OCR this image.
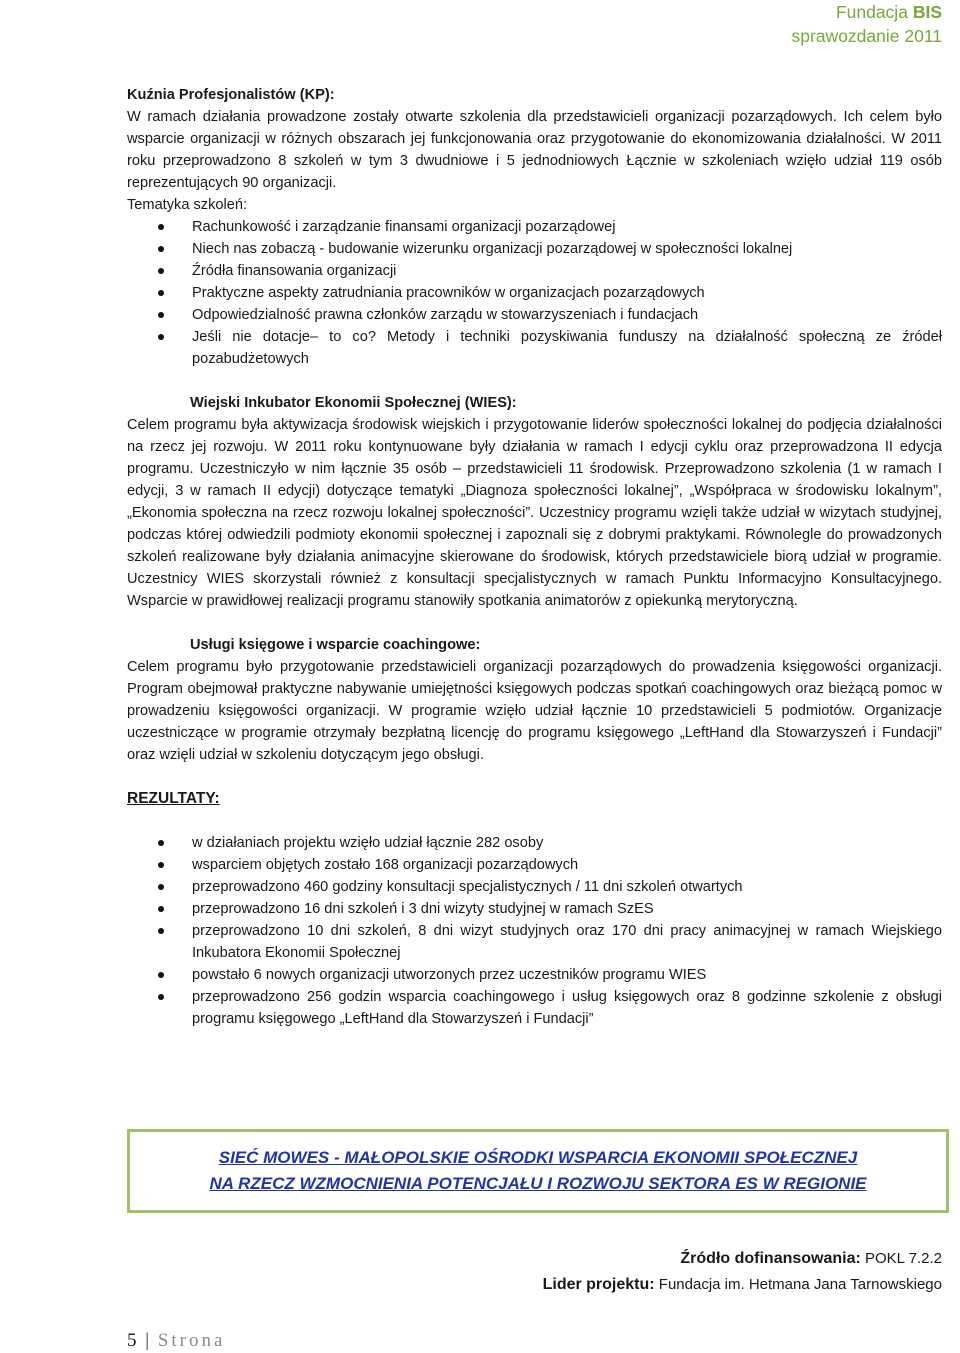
Fundacja BIS
sprawozdanie 2011
Kuźnia Profesjonalistów (KP):

W ramach działania prowadzone zostały otwarte szkolenia dla przedstawicieli organizacji pozarządowych. Ich celem było wsparcie organizacji w różnych obszarach jej funkcjonowania oraz przygotowanie do ekonomizowania działalności. W 2011 roku przeprowadzono 8 szkoleń w tym 3 dwudniowe i 5 jednodniowych Łącznie w szkoleniach wzięło udział 119 osób reprezentujących 90 organizacji.

Tematyka szkoleń:
Rachunkowość i zarządzanie finansami organizacji pozarządowej
Niech nas zobaczą - budowanie wizerunku organizacji pozarządowej w społeczności lokalnej
Źródła finansowania organizacji
Praktyczne aspekty zatrudniania pracowników w organizacjach pozarządowych
Odpowiedzialność prawna członków zarządu w stowarzyszeniach i fundacjach
Jeśli nie dotacje– to co? Metody i techniki pozyskiwania funduszy na działalność społeczną ze źródeł pozabudżetowych
Wiejski Inkubator Ekonomii Społecznej (WIES):

Celem programu była aktywizacja środowisk wiejskich i przygotowanie liderów społeczności lokalnej do podjęcia działalności na rzecz jej rozwoju. W 2011 roku kontynuowane były działania w ramach I edycji cyklu oraz przeprowadzona II edycja programu. Uczestniczyło w nim łącznie 35 osób – przedstawicieli 11 środowisk. Przeprowadzono szkolenia (1 w ramach I edycji, 3 w ramach II edycji) dotyczące tematyki „Diagnoza społeczności lokalnej”, „Współpraca w środowisku lokalnym”, „Ekonomia społeczna na rzecz rozwoju lokalnej społeczności”. Uczestnicy programu wzięli także udział w wizytach studyjnej, podczas której odwiedzili podmioty ekonomii społecznej i zapoznali się z dobrymi praktykami. Równolegle do prowadzonych szkoleń realizowane były działania animacyjne skierowane do środowisk, których przedstawiciele biorą udział w programie. Uczestnicy WIES skorzystali również z konsultacji specjalistycznych w ramach Punktu Informacyjno Konsultacyjnego. Wsparcie w prawidłowej realizacji programu stanowiły spotkania animatorów z opiekunką merytoryczną.

Usługi księgowe i wsparcie coachingowe:

Celem programu było przygotowanie przedstawicieli organizacji pozarządowych do prowadzenia księgowości organizacji. Program obejmował praktyczne nabywanie umiejętności księgowych podczas spotkań coachingowych oraz bieżącą pomoc w prowadzeniu księgowości organizacji. W programie wzięło udział łącznie 10 przedstawicieli 5 podmiotów. Organizacje uczestniczące w programie otrzymały bezpłatną licencję do programu księgowego „LeftHand dla Stowarzyszeń i Fundacji” oraz wzięli udział w szkoleniu dotyczącym jego obsługi.

REZULTATY:
w działaniach projektu wzięło udział łącznie 282 osoby
wsparciem objętych zostało 168 organizacji pozarządowych
przeprowadzono 460 godziny konsultacji specjalistycznych / 11 dni szkoleń otwartych
przeprowadzono 16 dni szkoleń i 3 dni wizyty studyjnej w ramach SzES
przeprowadzono 10 dni szkoleń, 8 dni wizyt studyjnych oraz 170 dni pracy animacyjnej w ramach Wiejskiego Inkubatora Ekonomii Społecznej
powstało 6 nowych organizacji utworzonych przez uczestników programu WIES
przeprowadzono 256 godzin wsparcia coachingowego i usług księgowych oraz 8 godzinne szkolenie z obsługi programu księgowego „LeftHand dla Stowarzyszeń i Fundacji”
SIEĆ MOWES - MAŁOPOLSKIE OŚRODKI WSPARCIA EKONOMII SPOŁECZNEJ
NA RZECZ WZMOCNIENIA POTENCJAŁU I ROZWOJU SEKTORA ES W REGIONIE
Źródło dofinansowania: POKL 7.2.2
Lider projektu: Fundacja im. Hetmana Jana Tarnowskiego
5 | Strona
